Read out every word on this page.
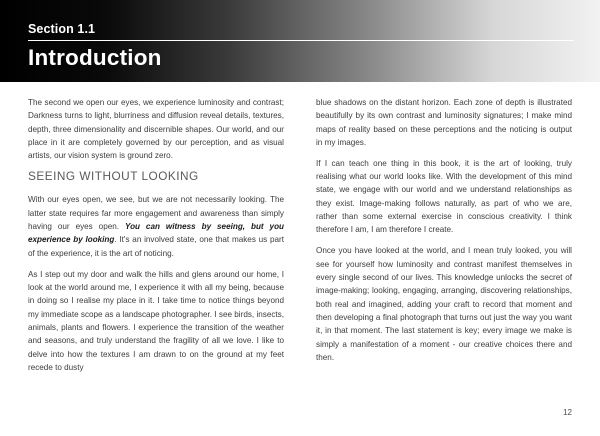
Section 1.1
Introduction

The second we open our eyes, we experience luminosity and contrast; Darkness turns to light, blurriness and diffusion reveal details, textures, depth, three dimensionality and discernible shapes. Our world, and our place in it are completely governed by our perception, and as visual artists, our vision system is ground zero.

SEEING WITHOUT LOOKING

With our eyes open, we see, but we are not necessarily looking. The latter state requires far more engagement and awareness than simply having our eyes open. You can witness by seeing, but you experience by looking. It's an involved state, one that makes us part of the experience, it is the art of noticing.

As I step out my door and walk the hills and glens around our home, I look at the world around me, I experience it with all my being, because in doing so I realise my place in it. I take time to notice things beyond my immediate scope as a landscape photographer. I see birds, insects, animals, plants and flowers. I experience the transition of the weather and seasons, and truly understand the fragility of all we love. I like to delve into how the textures I am drawn to on the ground at my feet recede to dusty

blue shadows on the distant horizon. Each zone of depth is illustrated beautifully by its own contrast and luminosity signatures; I make mind maps of reality based on these perceptions and the noticing is output in my images.

If I can teach one thing in this book, it is the art of looking, truly realising what our world looks like. With the development of this mind state, we engage with our world and we understand relationships as they exist. Image-making follows naturally, as part of who we are, rather than some external exercise in conscious creativity. I think therefore I am, I am therefore I create.

Once you have looked at the world, and I mean truly looked, you will see for yourself how luminosity and contrast manifest themselves in every single second of our lives. This knowledge unlocks the secret of image-making; looking, engaging, arranging, discovering relationships, both real and imagined, adding your craft to record that moment and then developing a final photograph that turns out just the way you want it, in that moment. The last statement is key; every image we make is simply a manifestation of a moment - our creative choices there and then.

12
